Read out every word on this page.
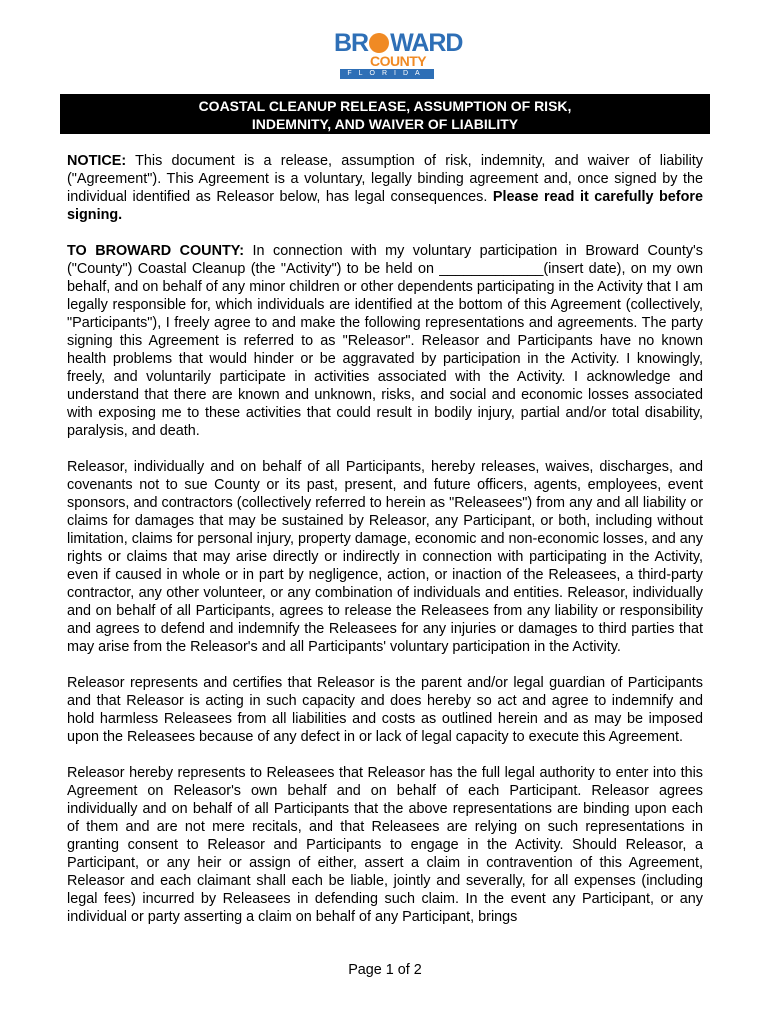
BR WARD
COUNTY
FLORIDA
COASTAL CLEANUP RELEASE, ASSUMPTION OF RISK,
INDEMNITY, AND WAIVER OF LIABILITY

NOTICE: This document is a release, assumption of risk, indemnity, and waiver of liability ("Agreement"). This Agreement is a voluntary, legally binding agreement and, once signed by the individual identified as Releasor below, has legal consequences. Please read it carefully before signing.

TO BROWARD COUNTY: In connection with my voluntary participation in Broward County's ("County") Coastal Cleanup (the "Activity") to be held on _____________(insert date), on my own behalf, and on behalf of any minor children or other dependents participating in the Activity that I am legally responsible for, which individuals are identified at the bottom of this Agreement (collectively, "Participants"), I freely agree to and make the following representations and agreements. The party signing this Agreement is referred to as "Releasor". Releasor and Participants have no known health problems that would hinder or be aggravated by participation in the Activity. I knowingly, freely, and voluntarily participate in activities associated with the Activity. I acknowledge and understand that there are known and unknown, risks, and social and economic losses associated with exposing me to these activities that could result in bodily injury, partial and/or total disability, paralysis, and death.

Releasor, individually and on behalf of all Participants, hereby releases, waives, discharges, and covenants not to sue County or its past, present, and future officers, agents, employees, event sponsors, and contractors (collectively referred to herein as "Releasees") from any and all liability or claims for damages that may be sustained by Releasor, any Participant, or both, including without limitation, claims for personal injury, property damage, economic and non-economic losses, and any rights or claims that may arise directly or indirectly in connection with participating in the Activity, even if caused in whole or in part by negligence, action, or inaction of the Releasees, a third-party contractor, any other volunteer, or any combination of individuals and entities. Releasor, individually and on behalf of all Participants, agrees to release the Releasees from any liability or responsibility and agrees to defend and indemnify the Releasees for any injuries or damages to third parties that may arise from the Releasor's and all Participants' voluntary participation in the Activity.

Releasor represents and certifies that Releasor is the parent and/or legal guardian of Participants and that Releasor is acting in such capacity and does hereby so act and agree to indemnify and hold harmless Releasees from all liabilities and costs as outlined herein and as may be imposed upon the Releasees because of any defect in or lack of legal capacity to execute this Agreement.

Releasor hereby represents to Releasees that Releasor has the full legal authority to enter into this Agreement on Releasor's own behalf and on behalf of each Participant. Releasor agrees individually and on behalf of all Participants that the above representations are binding upon each of them and are not mere recitals, and that Releasees are relying on such representations in granting consent to Releasor and Participants to engage in the Activity. Should Releasor, a Participant, or any heir or assign of either, assert a claim in contravention of this Agreement, Releasor and each claimant shall each be liable, jointly and severally, for all expenses (including legal fees) incurred by Releasees in defending such claim. In the event any Participant, or any individual or party asserting a claim on behalf of any Participant, brings

Page 1 of 2
